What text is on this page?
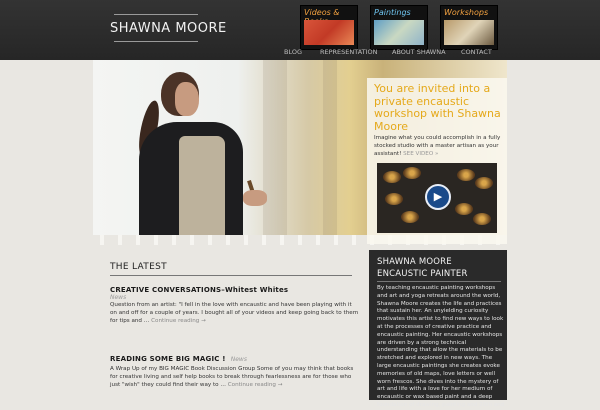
SHAWNA MOORE
Videos &	Paintings	Workshops
BLOG	REPRESENTATION ABOUT SHAWNA CONTACT
You are invited into a private encaustic workshop with Shawna Moore
Imagine what you could accomplish in a fully stocked studio with a master artisan as your assistant! SEE VIDEO »
▶
THE LATEST
CREATIVE CONVERSATIONS–Whitest Whites
News
Question from an artist: "I fell in the love with encaustic and have been playing with it on and off for a couple of years. I bought all of your videos and keep going back to them for tips and … Continue reading →
READING SOME BIG MAGIC ! News
A Wrap Up of my BIG MAGIC Book Discussion Group Some of you may think that books for creative living and self help books to break through fearlessness are for those who just "wish" they could find their way to … Continue reading →
SHAWNA MOORE ENCAUSTIC PAINTER
By teaching encaustic painting workshops and art and yoga retreats around the world, Shawna Moore creates the life and practices that sustain her. An unyielding curiosity motivates this artist to find new ways to look at the processes of creative practice and encaustic painting. Her encaustic workshops are driven by a strong technical understanding that allow the materials to be stretched and explored in new ways. The large encaustic paintings she creates evoke memories of old maps, love letters or well worn frescos. She dives into the mystery of art and life with a love for her medium of encaustic or wax based paint and a deep foundation of drawing, painting and 20th and
